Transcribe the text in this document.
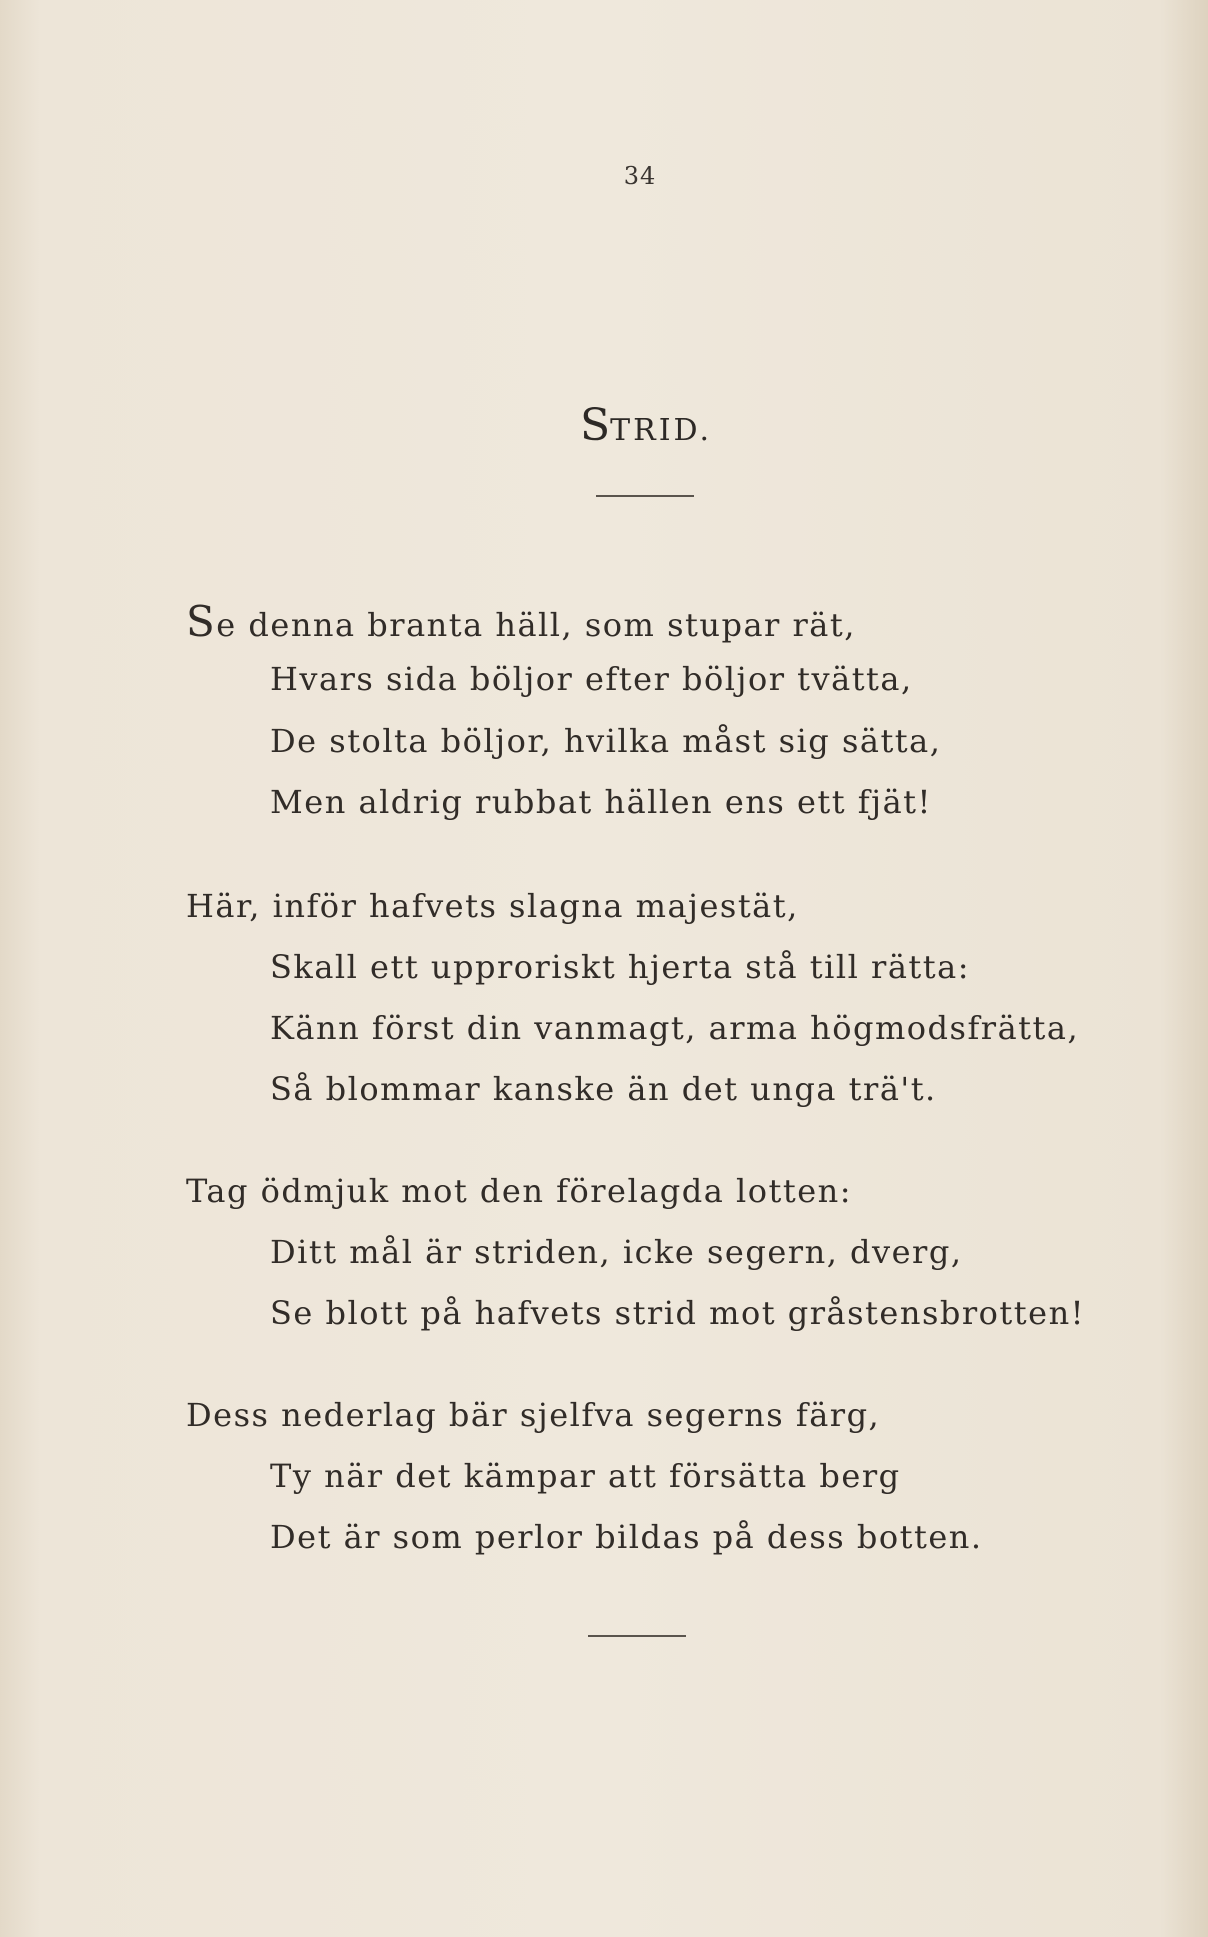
34
STRID.
Se denna branta häll, som stupar rät,
Hvars sida böljor efter böljor tvätta,
De stolta böljor, hvilka måst sig sätta,
Men aldrig rubbat hällen ens ett fjät!
Här, inför hafvets slagna majestät,
Skall ett upproriskt hjerta stå till rätta:
Känn först din vanmagt, arma högmodsfrätta,
Så blommar kanske än det unga trä't.
Tag ödmjuk mot den förelagda lotten:
Ditt mål är striden, icke segern, dverg,
Se blott på hafvets strid mot gråstensbrotten!
Dess nederlag bär sjelfva segerns färg,
Ty när det kämpar att försätta berg
Det är som perlor bildas på dess botten.
